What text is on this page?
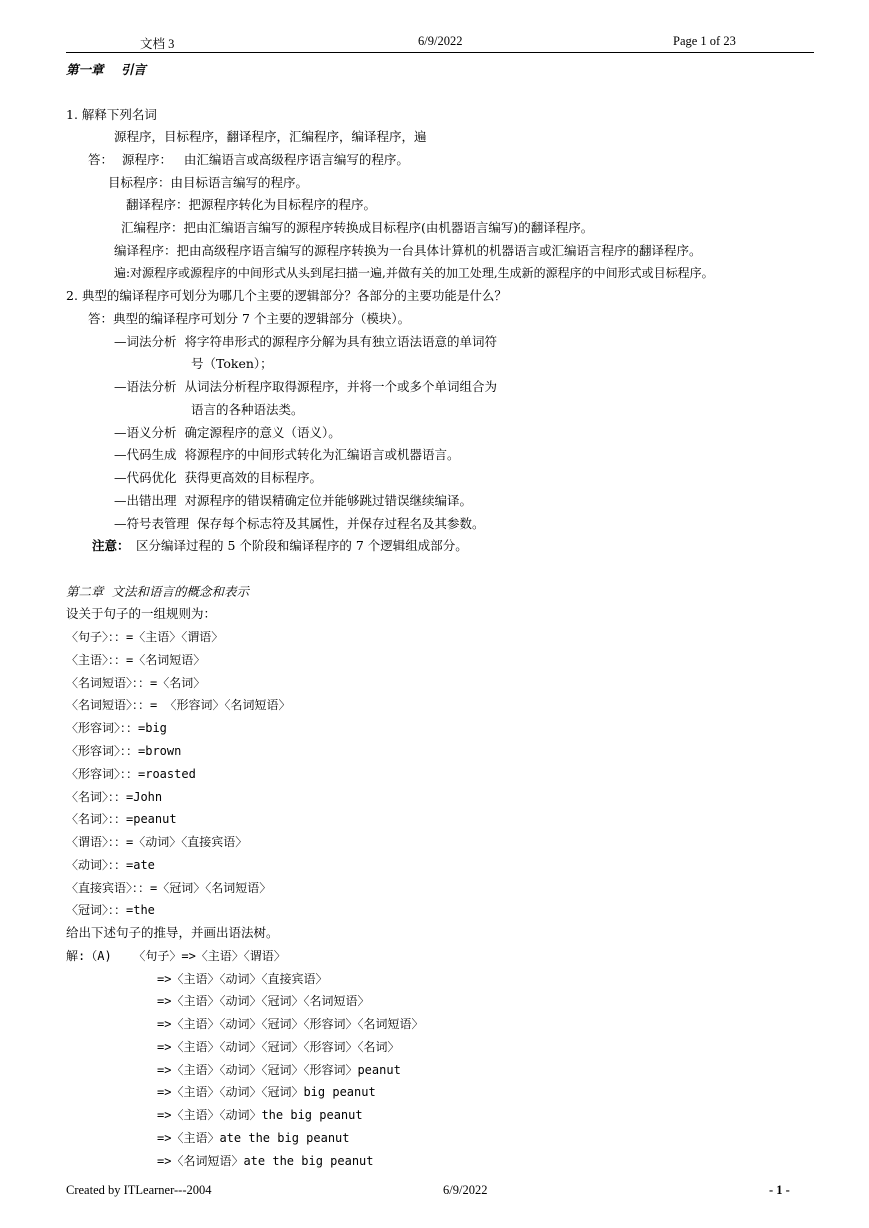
文档 3	6/9/2022	Page 1 of 23
第一章    引言
1. 解释下列名词
源程序，目标程序，翻译程序，汇编程序，编译程序，遍
答： 源程序：   由汇编语言或高级程序语言编写的程序。
目标程序：由目标语言编写的程序。
翻译程序：把源程序转化为目标程序的程序。
汇编程序：把由汇编语言编写的源程序转换成目标程序(由机器语言编写)的翻译程序。
编译程序：把由高级程序语言编写的源程序转换为一台具体计算机的机器语言或汇编语言程序的翻译程序。
遍:对源程序或源程序的中间形式从头到尾扫描一遍,并做有关的加工处理,生成新的源程序的中间形式或目标程序。
2. 典型的编译程序可划分为哪几个主要的逻辑部分？各部分的主要功能是什么？
答：典型的编译程序可划分 7 个主要的逻辑部分（模块）。
—词法分析  将字符串形式的源程序分解为具有独立语法语意的单词符
号（Token）；
—语法分析  从词法分析程序取得源程序，并将一个或多个单词组合为
语言的各种语法类。
—语义分析  确定源程序的意义（语义）。
—代码生成  将源程序的中间形式转化为汇编语言或机器语言。
—代码优化  获得更高效的目标程序。
—出错出理  对源程序的错误精确定位并能够跳过错误继续编译。
—符号表管理  保存每个标志符及其属性，并保存过程名及其参数。
注意： 区分编译过程的 5 个阶段和编译程序的 7 个逻辑组成部分。
第二章  文法和语言的概念和表示
设关于句子的一组规则为：
〈句子〉：：=〈主语〉〈谓语〉
〈主语〉：：=〈名词短语〉
〈名词短语〉：：=〈名词〉
〈名词短语〉：：= 〈形容词〉〈名词短语〉
〈形容词〉：：=big
〈形容词〉：：=brown
〈形容词〉：：=roasted
〈名词〉：：=John
〈名词〉：：=peanut
〈谓语〉：：=〈动词〉〈直接宾语〉
〈动词〉：：=ate
〈直接宾语〉：：=〈冠词〉〈名词短语〉
〈冠词〉：：=the
给出下述句子的推导，并画出语法树。
解:（A)   〈句子〉=>〈主语〉〈谓语〉
=>〈主语〉〈动词〉〈直接宾语〉
=>〈主语〉〈动词〉〈冠词〉〈名词短语〉
=>〈主语〉〈动词〉〈冠词〉〈形容词〉〈名词短语〉
=>〈主语〉〈动词〉〈冠词〉〈形容词〉〈名词〉
=>〈主语〉〈动词〉〈冠词〉〈形容词〉peanut
=>〈主语〉〈动词〉〈冠词〉big peanut
=>〈主语〉〈动词〉the big peanut
=>〈主语〉ate the big peanut
=>〈名词短语〉ate the big peanut
Created by ITLearner---2004	6/9/2022	- 1 -
